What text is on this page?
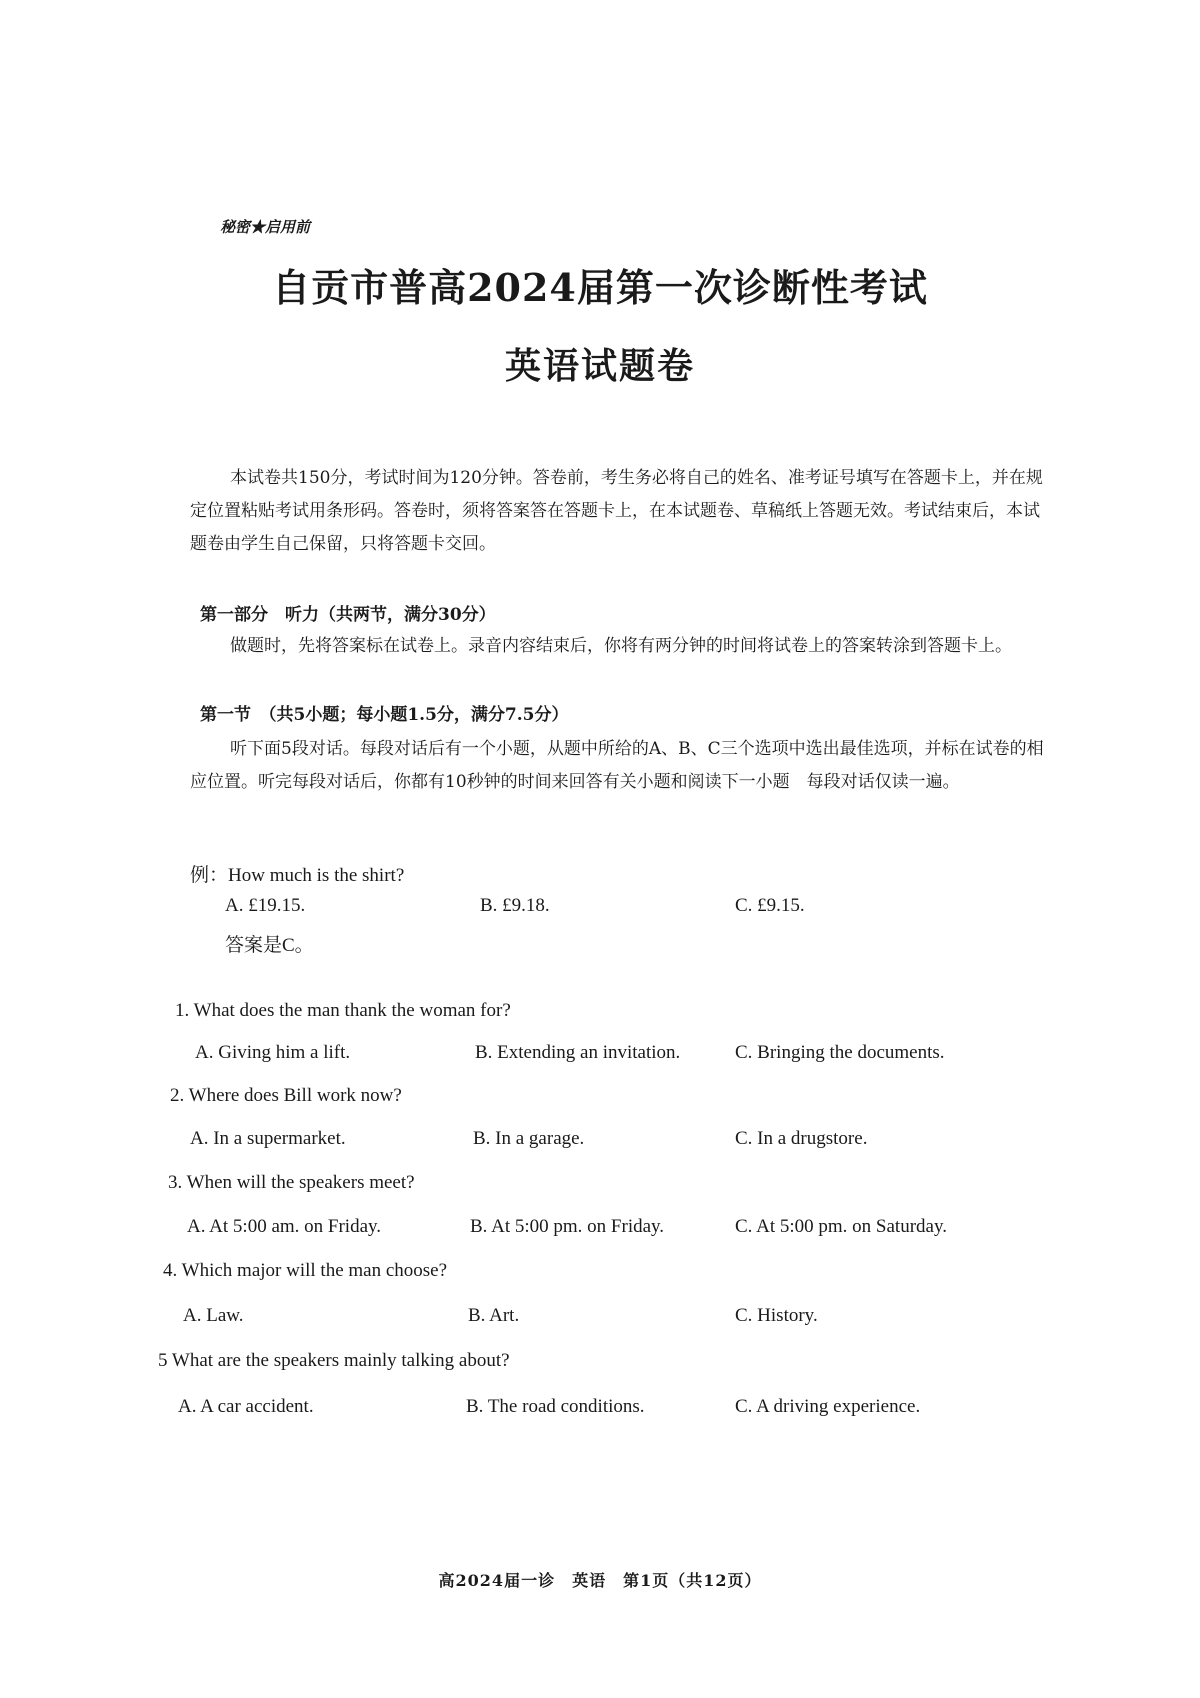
秘密★启用前
自贡市普高2024届第一次诊断性考试
英语试题卷
本试卷共150分，考试时间为120分钟。答卷前，考生务必将自己的姓名、准考证号填写在答题卡上，并在规定位置粘贴考试用条形码。答卷时，须将答案答在答题卡上，在本试题卷、草稿纸上答题无效。考试结束后，本试题卷由学生自己保留，只将答题卡交回。
第一部分　听力（共两节，满分30分）
做题时，先将答案标在试卷上。录音内容结束后，你将有两分钟的时间将试卷上的答案转涂到答题卡上。
第一节　（共5小题；每小题1.5分，满分7.5分）
听下面5段对话。每段对话后有一个小题，从题中所给的A、B、C三个选项中选出最佳选项，并标在试卷的相应位置。听完每段对话后，你都有10秒钟的时间来回答有关小题和阅读下一小题　每段对话仅读一遍。
例：How much is the shirt?
A. £19.15.	B. £9.18.	C. £9.15.
答案是C。
1. What does the man thank the woman for?
A. Giving him a lift.	B. Extending an invitation.	C. Bringing the documents.
2. Where does Bill work now?
A. In a supermarket.	B. In a garage.	C. In a drugstore.
3. When will the speakers meet?
A. At 5:00 am. on Friday.	B. At 5:00 pm. on Friday.	C. At 5:00 pm. on Saturday.
4. Which major will the man choose?
A. Law.	B. Art.	C. History.
5 What are the speakers mainly talking about?
A. A car accident.	B. The road conditions.	C. A driving experience.
高2024届一诊　英语　第1页（共12页）
